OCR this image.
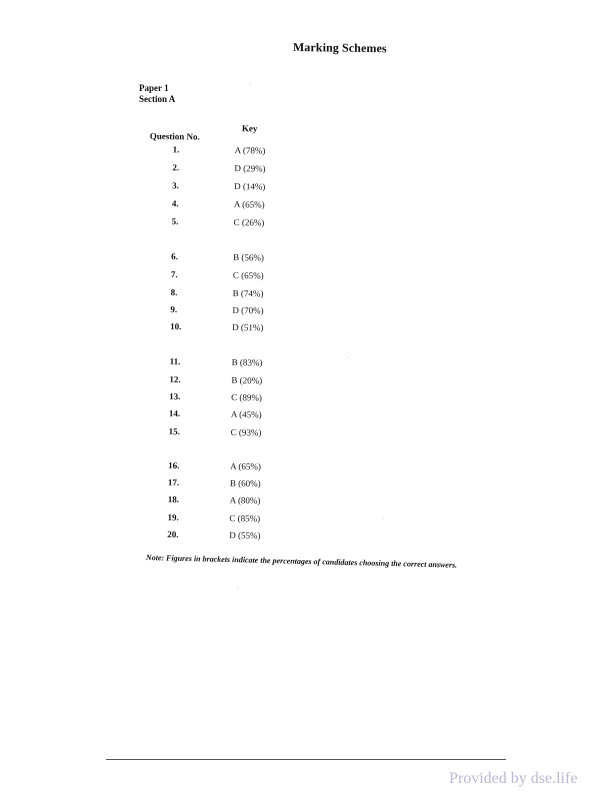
Marking Schemes
Paper 1
Section A
Key
Question No.
1.	A (78%)
2.	D (29%)
3.	D (14%)
4.	A (65%)
5.	C (26%)
6.	B (56%)
7.	C (65%)
8.	B (74%)
9.	D (70%)
10.	D (51%)
11.	B (83%)
12.	B (20%)
13.	C (89%)
14.	A (45%)
15.	C (93%)
16.	A (65%)
17.	B (60%)
18.	A (80%)
19.	C (85%)
20.	D (55%)
Note: Figures in brackets indicate the percentages of candidates choosing the correct answers.
Provided by dse.life
